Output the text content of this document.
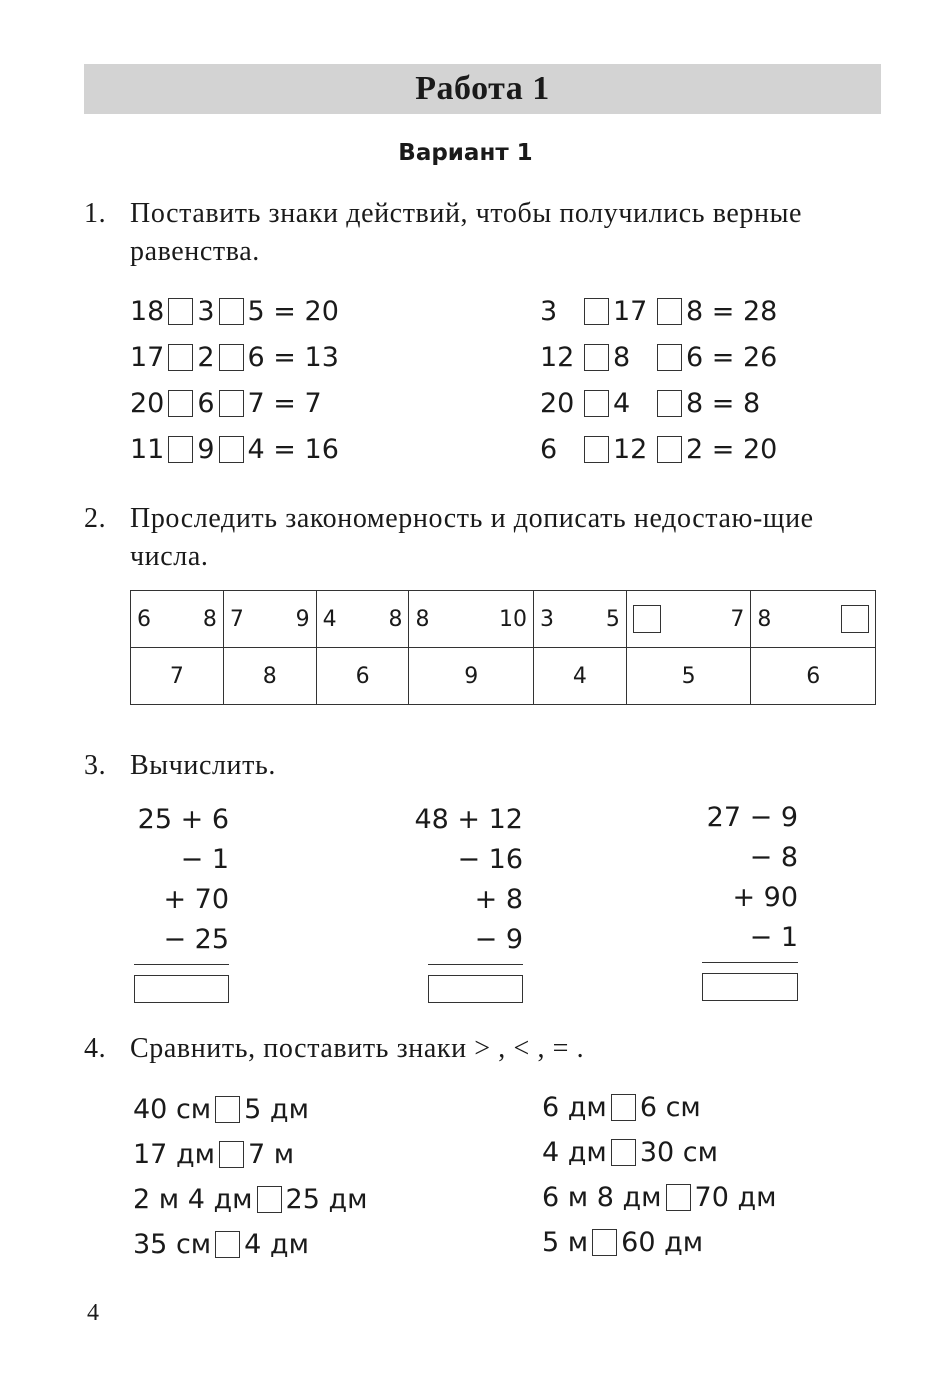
Работа 1
Вариант 1
1. Поставить знаки действий, чтобы получились верные равенства.
18 3 5 = 20
17 2 6 = 13
20 6 7 = 7
11 9 4 = 16
3	17 8 = 28
12 8	6 = 26
20 4	8 = 8
6	12 2 = 20
2. Проследить закономерность и дописать недостаю-щие числа.
6 8	7 9	4 8	8 10	3 5	7	8

7	8	6	9	4	5	6
3. Вычислить.
25 + 6
− 1
+ 70
− 25
48 + 12
− 16
+ 8
− 9
27 − 9
− 8
+ 90
− 1
4. Сравнить, поставить знаки > , < , = .
40 см 5 дм
17 дм 7 м
2 м 4 дм 25 дм
35 см 4 дм
6 дм 6 см
4 дм 30 см
6 м 8 дм 70 дм
5 м 60 дм
4
